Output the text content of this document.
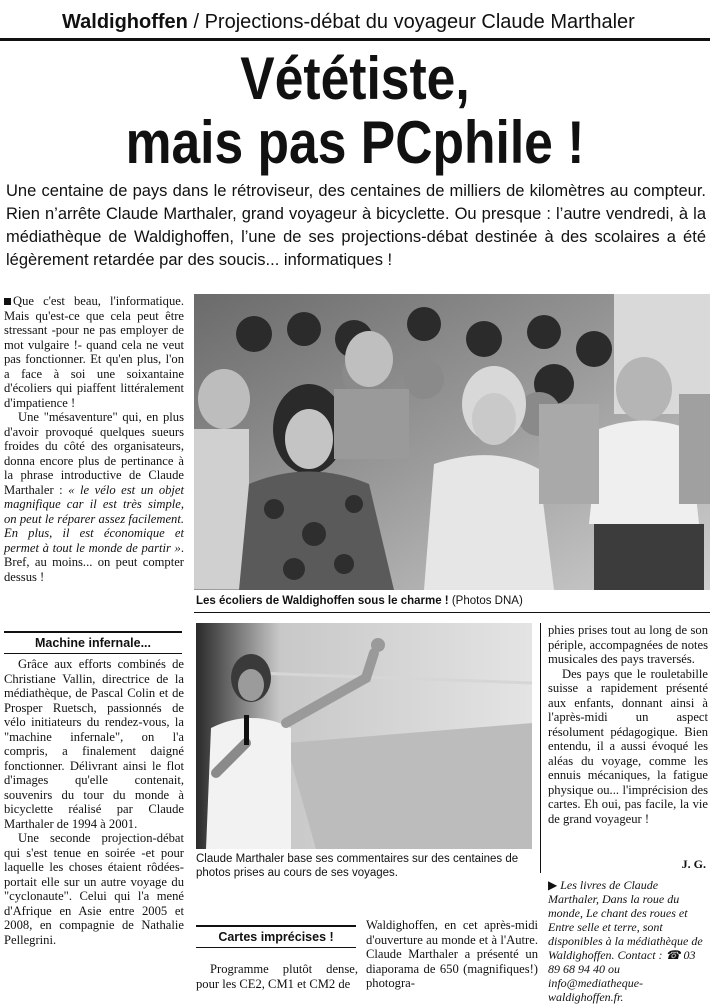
Waldighoffen / Projections-débat du voyageur Claude Marthaler
Vététiste,
mais pas PCphile !
Une centaine de pays dans le rétroviseur, des centaines de milliers de kilomètres au compteur. Rien n’arrête Claude Marthaler, grand voyageur à bicyclette. Ou presque : l’autre vendredi, à la médiathèque de Waldighoffen, l’une de ses projections-débat destinée à des scolaires a été légèrement retardée par des soucis... informatiques !

Que c'est beau, l'informatique. Mais qu'est-ce que cela peut être stressant -pour ne pas employer de mot vulgaire !- quand cela ne veut pas fonctionner. Et qu'en plus, l'on a face à soi une soixantaine d'écoliers qui piaffent littéralement d'impatience !

Une "mésaventure" qui, en plus d'avoir provoqué quelques sueurs froides du côté des organisateurs, donna encore plus de pertinance à la phrase introductive de Claude Marthaler : « le vélo est un objet magnifique car il est très simple, on peut le réparer assez facilement. En plus, il est économique et permet à tout le monde de partir ». Bref, au moins... on peut compter dessus !

Les écoliers de Waldighoffen sous le charme ! (Photos DNA)
Machine infernale...

Grâce aux efforts combinés de Christiane Vallin, directrice de la médiathèque, de Pascal Colin et de Prosper Ruetsch, passionnés de vélo initiateurs du rendez-vous, la "machine infernale", on l'a compris, a finalement daigné fonctionner. Délivrant ainsi le flot d'images qu'elle contenait, souvenirs du tour du monde à bicyclette réalisé par Claude Marthaler de 1994 à 2001.

Une seconde projection-débat qui s'est tenue en soirée -et pour laquelle les choses étaient rôdées- portait elle sur un autre voyage du "cyclonaute". Celui qui l'a mené d'Afrique en Asie entre 2005 et 2008, en compagnie de Nathalie Pellegrini.

Claude Marthaler base ses commentaires sur des centaines de photos prises au cours de ses voyages.
Cartes imprécises !

Programme plutôt dense, pour les CE2, CM1 et CM2 de

Waldighoffen, en cet après-midi d'ouverture au monde et à l'Autre. Claude Marthaler a présenté un diaporama de 650 (magnifiques!) photogra-

phies prises tout au long de son périple, accompagnées de notes musicales des pays traversés.

Des pays que le rouletabille suisse a rapidement présenté aux enfants, donnant ainsi à l'après-midi un aspect résolument pédagogique. Bien entendu, il a aussi évoqué les aléas du voyage, comme les ennuis mécaniques, la fatigue physique ou... l'imprécision des cartes. Eh oui, pas facile, la vie de grand voyageur !

J. G.
▶ Les livres de Claude Marthaler, Dans la roue du monde, Le chant des roues et Entre selle et terre, sont disponibles à la médiathèque de Waldighoffen. Contact : ☎ 03 89 68 94 40 ou info@mediatheque-waldighoffen.fr.
